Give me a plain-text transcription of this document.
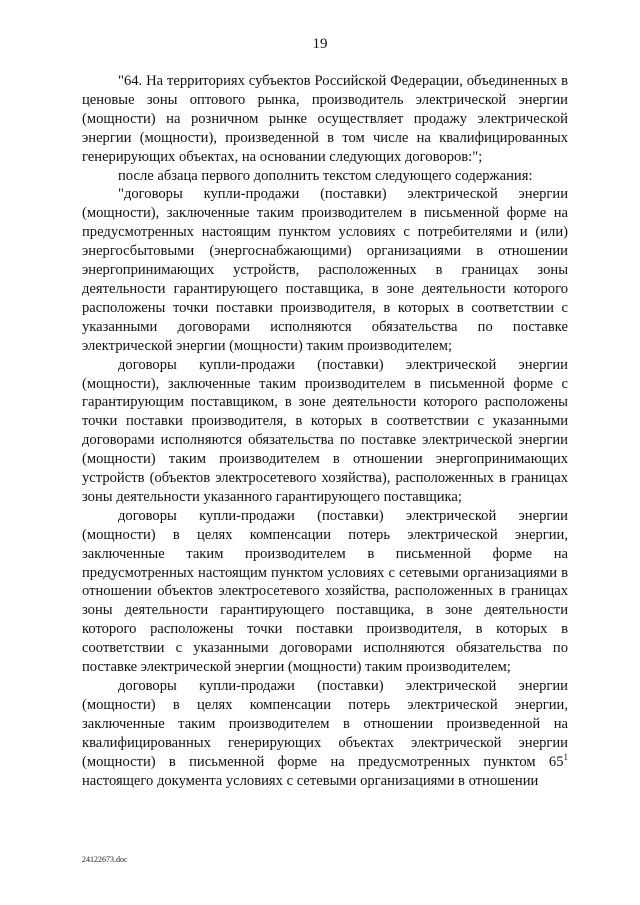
19

"64. На территориях субъектов Российской Федерации, объединенных в ценовые зоны оптового рынка, производитель электрической энергии (мощности) на розничном рынке осуществляет продажу электрической энергии (мощности), произведенной в том числе на квалифицированных генерирующих объектах, на основании следующих договоров:";

после абзаца первого дополнить текстом следующего содержания:

"договоры купли-продажи (поставки) электрической энергии (мощности), заключенные таким производителем в письменной форме на предусмотренных настоящим пунктом условиях с потребителями и (или) энергосбытовыми (энергоснабжающими) организациями в отношении энергопринимающих устройств, расположенных в границах зоны деятельности гарантирующего поставщика, в зоне деятельности которого расположены точки поставки производителя, в которых в соответствии с указанными договорами исполняются обязательства по поставке электрической энергии (мощности) таким производителем;

договоры купли-продажи (поставки) электрической энергии (мощности), заключенные таким производителем в письменной форме с гарантирующим поставщиком, в зоне деятельности которого расположены точки поставки производителя, в которых в соответствии с указанными договорами исполняются обязательства по поставке электрической энергии (мощности) таким производителем в отношении энергопринимающих устройств (объектов электросетевого хозяйства), расположенных в границах зоны деятельности указанного гарантирующего поставщика;

договоры купли-продажи (поставки) электрической энергии (мощности) в целях компенсации потерь электрической энергии, заключенные таким производителем в письменной форме на предусмотренных настоящим пунктом условиях с сетевыми организациями в отношении объектов электросетевого хозяйства, расположенных в границах зоны деятельности гарантирующего поставщика, в зоне деятельности которого расположены точки поставки производителя, в которых в соответствии с указанными договорами исполняются обязательства по поставке электрической энергии (мощности) таким производителем;

договоры купли-продажи (поставки) электрической энергии (мощности) в целях компенсации потерь электрической энергии, заключенные таким производителем в отношении произведенной на квалифицированных генерирующих объектах электрической энергии (мощности) в письменной форме на предусмотренных пунктом $65^1$ настоящего документа условиях с сетевыми организациями в отношении

24122673.doc
